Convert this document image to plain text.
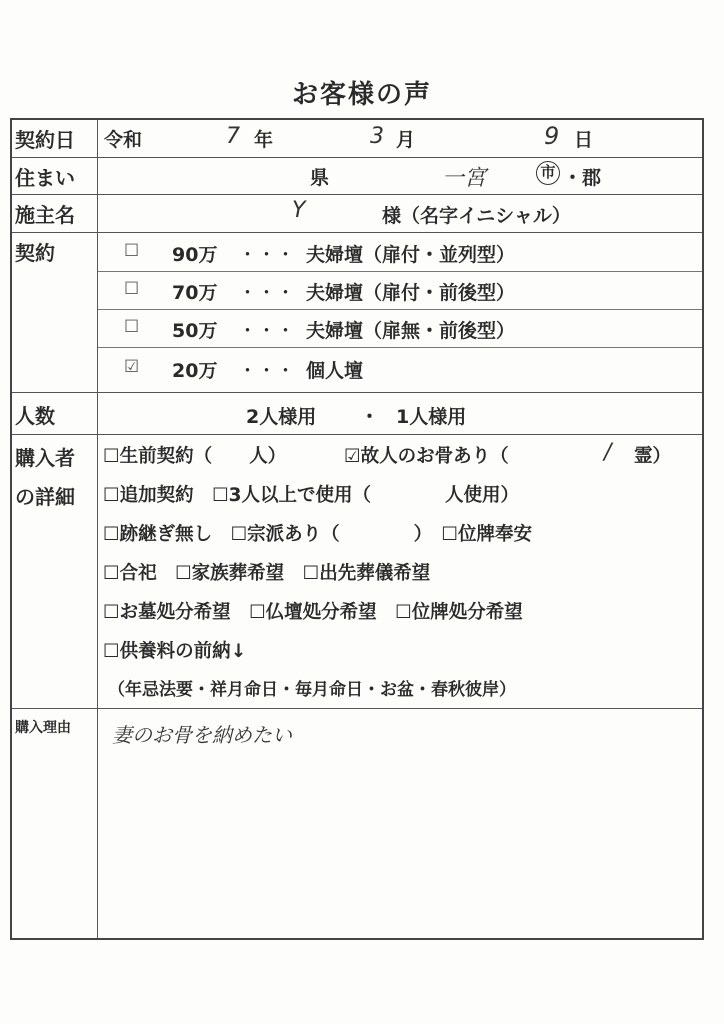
お客様の声
契約日	令和	7 年	3 月	9 日
住まい	県	一宮	市 ・ 郡
施主名	Y	様（名字イニシャル）
契約	☐ 90万 ・・・ 夫婦壇（扉付・並列型）
☐ 70万 ・・・ 夫婦壇（扉付・前後型）
☐ 50万 ・・・ 夫婦壇（扉無・前後型）
☑ 20万 ・・・ 個人壇
人数	2人様用 ・ 1人様用
購入者
の詳細
☐生前契約（　　人）	☑故人のお骨あり（	/ 霊）
☐追加契約　☐3人以上で使用（　　　　人使用）
☐跡継ぎ無し　☐宗派あり（　　　　）　☐位牌奉安
☐合祀　☐家族葬希望　☐出先葬儀希望
☐お墓処分希望　☐仏壇処分希望　☐位牌処分希望
☐供養料の前納↓
（年忌法要・祥月命日・毎月命日・お盆・春秋彼岸）
購入理由	妻のお骨を納めたい
